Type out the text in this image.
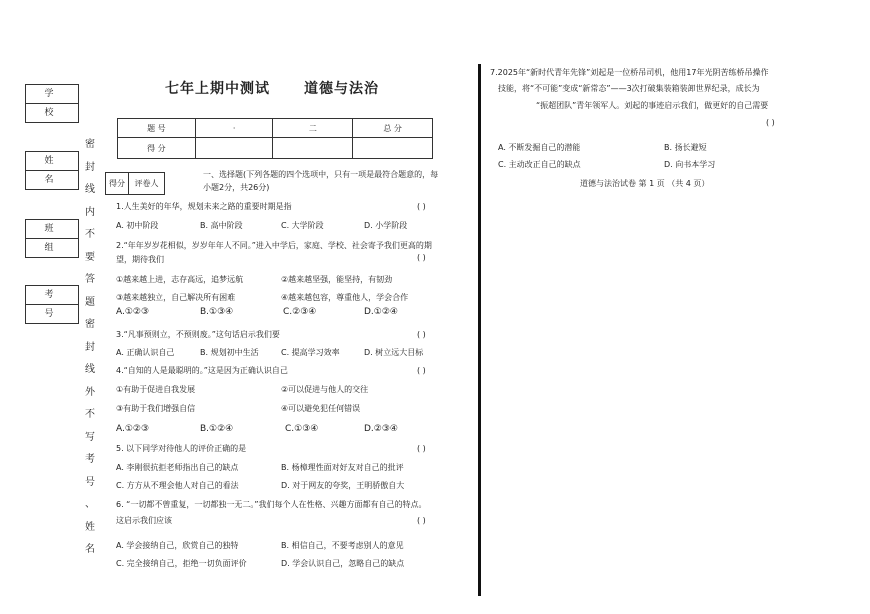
学 校
姓 名
班 组
考 号
密
封
线
内
不
要
答
题
密
封
线
外
不
写
考
号
、
姓
名
七年上期中测试 道德与法治
题 号	·	二	总 分
得 分			
得分	评卷人
一、选择题(下列各题的四个选项中，只有一项是最符合题意的，每
小题2分，共26分)
1.人生美好的年华，规划未来之路的重要时期是指	( )
A. 初中阶段	B. 高中阶段	C. 大学阶段	D. 小学阶段
2.“年年岁岁花相似，岁岁年年人不同。”进入中学后，家庭、学校、社会寄予我们更高的期
望，期待我们	( )
①越来越上进，志存高远，追梦远航	②越来越坚强，能坚持，有韧劲
③越来越独立，自己解决所有困难	④越来越包容，尊重他人，学会合作
A.①②③	B.①③④	C.②③④	D.①②④
3.“凡事预则立，不预则废。”这句话启示我们要	( )
A. 正确认识自己	B. 规划初中生活	C. 提高学习效率	D. 树立远大目标
4.“自知的人是最聪明的。”这是因为正确认识自己	( )
①有助于促进自我发展	②可以促进与他人的交往
③有助于我们增强自信	④可以避免犯任何错误
A.①②③	B.①②④	C.①③④	D.②③④
5. 以下同学对待他人的评价正确的是	( )
A. 李刚很抗拒老师指出自己的缺点	B. 杨樟理性面对好友对自己的批评
C. 方方从不理会他人对自己的看法	D. 对于网友的夸奖，王明骄傲自大
6. “一切都不曾重复，一切都独一无二。”我们每个人在性格、兴趣方面都有自己的特点。
这启示我们应该	( )
A. 学会接纳自己，欣赏自己的独特	B. 相信自己，不要考虑别人的意见
C. 完全接纳自己，拒绝一切负面评价	D. 学会认识自己，忽略自己的缺点
7.2025年“新时代青年先锋”刘起是一位桥吊司机，他用17年光阴苦练桥吊操作
技能，将“不可能”变成“新常态”——3次打破集装箱装卸世界纪录，成长为
“振超团队”青年领军人。刘起的事迹启示我们，做更好的自己需要
( )
A. 不断发掘自己的潜能	B. 扬长避短
C. 主动改正自己的缺点	D. 向书本学习
道德与法治试卷 第 1 页 （共 4 页）
